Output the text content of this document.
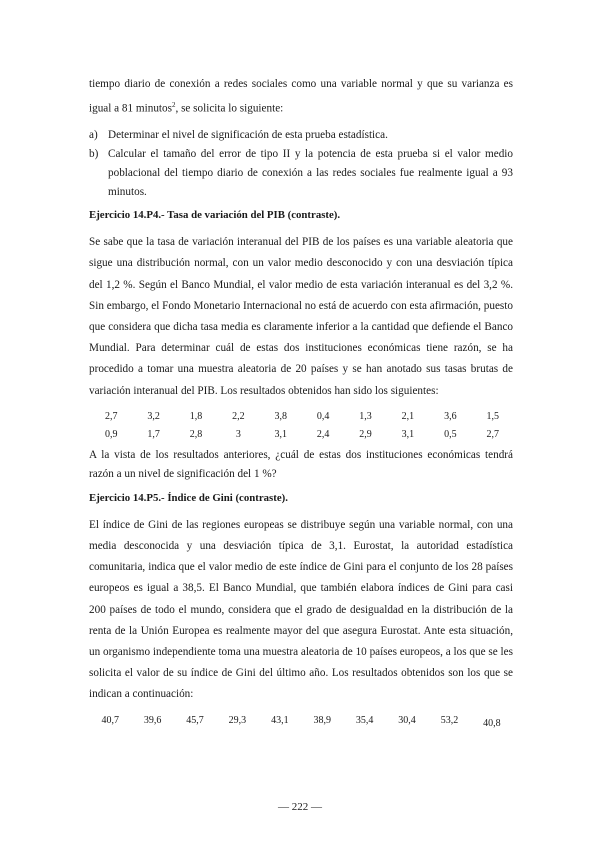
tiempo diario de conexión a redes sociales como una variable normal y que su varianza es igual a 81 minutos$^2$, se solicita lo siguiente:

a) Determinar el nivel de significación de esta prueba estadística.
b) Calcular el tamaño del error de tipo II y la potencia de esta prueba si el valor medio poblacional del tiempo diario de conexión a las redes sociales fue realmente igual a 93 minutos.
Ejercicio 14.P4.- Tasa de variación del PIB (contraste).

Se sabe que la tasa de variación interanual del PIB de los países es una variable aleatoria que sigue una distribución normal, con un valor medio desconocido y con una desviación típica del 1,2 %. Según el Banco Mundial, el valor medio de esta variación interanual es del 3,2 %. Sin embargo, el Fondo Monetario Internacional no está de acuerdo con esta afirmación, puesto que considera que dicha tasa media es claramente inferior a la cantidad que defiende el Banco Mundial. Para determinar cuál de estas dos instituciones económicas tiene razón, se ha procedido a tomar una muestra aleatoria de 20 países y se han anotado sus tasas brutas de variación interanual del PIB. Los resultados obtenidos han sido los siguientes:

2,7	3,2	1,8	2,2	3,8	0,4	1,3	2,1	3,6	1,5
0,9	1,7	2,8	3	3,1	2,4	2,9	3,1	0,5	2,7

A la vista de los resultados anteriores, ¿cuál de estas dos instituciones económicas tendrá razón a un nivel de significación del 1 %?

Ejercicio 14.P5.- Índice de Gini (contraste).

El índice de Gini de las regiones europeas se distribuye según una variable normal, con una media desconocida y una desviación típica de 3,1. Eurostat, la autoridad estadística comunitaria, indica que el valor medio de este índice de Gini para el conjunto de los 28 países europeos es igual a 38,5. El Banco Mundial, que también elabora índices de Gini para casi 200 países de todo el mundo, considera que el grado de desigualdad en la distribución de la renta de la Unión Europea es realmente mayor del que asegura Eurostat. Ante esta situación, un organismo independiente toma una muestra aleatoria de 10 países europeos, a los que se les solicita el valor de su índice de Gini del último año. Los resultados obtenidos son los que se indican a continuación:

40,7	39,6	45,7	29,3	43,1	38,9	35,4	30,4	53,2	40,8
— 222 —
